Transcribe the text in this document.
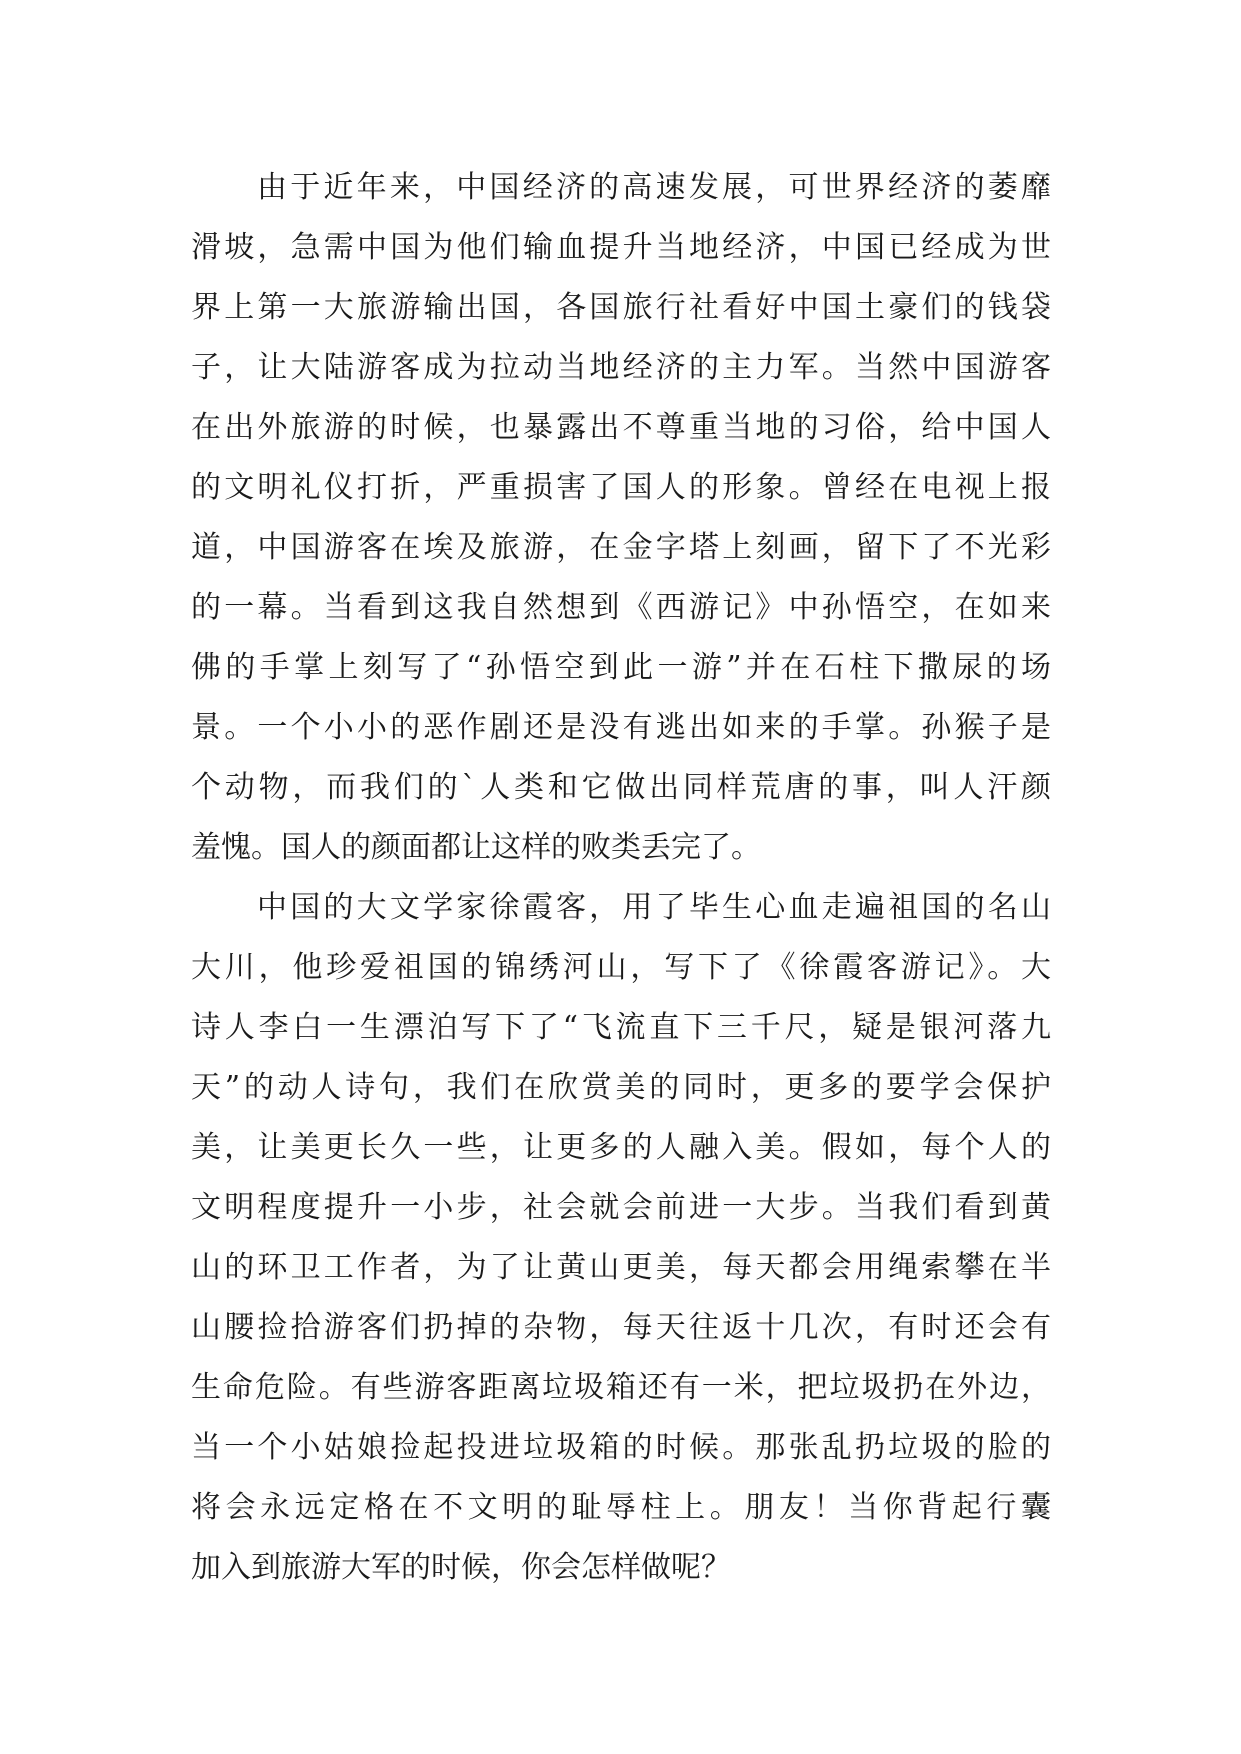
由于近年来，中国经济的高速发展，可世界经济的萎靡
滑坡，急需中国为他们输血提升当地经济，中国已经成为世
界上第一大旅游输出国，各国旅行社看好中国土豪们的钱袋
子，让大陆游客成为拉动当地经济的主力军。当然中国游客
在出外旅游的时候，也暴露出不尊重当地的习俗，给中国人
的文明礼仪打折，严重损害了国人的形象。曾经在电视上报
道，中国游客在埃及旅游，在金字塔上刻画，留下了不光彩
的一幕。当看到这我自然想到《西游记》中孙悟空，在如来
佛的手掌上刻写了“孙悟空到此一游”并在石柱下撒尿的场
景。一个小小的恶作剧还是没有逃出如来的手掌。孙猴子是
个动物，而我们的`人类和它做出同样荒唐的事，叫人汗颜
羞愧。国人的颜面都让这样的败类丢完了。
中国的大文学家徐霞客，用了毕生心血走遍祖国的名山
大川，他珍爱祖国的锦绣河山，写下了《徐霞客游记》。大
诗人李白一生漂泊写下了“飞流直下三千尺，疑是银河落九
天”的动人诗句，我们在欣赏美的同时，更多的要学会保护
美，让美更长久一些，让更多的人融入美。假如，每个人的
文明程度提升一小步，社会就会前进一大步。当我们看到黄
山的环卫工作者，为了让黄山更美，每天都会用绳索攀在半
山腰捡拾游客们扔掉的杂物，每天往返十几次，有时还会有
生命危险。有些游客距离垃圾箱还有一米，把垃圾扔在外边，
当一个小姑娘捡起投进垃圾箱的时候。那张乱扔垃圾的脸的
将会永远定格在不文明的耻辱柱上。朋友！当你背起行囊
加入到旅游大军的时候，你会怎样做呢？
